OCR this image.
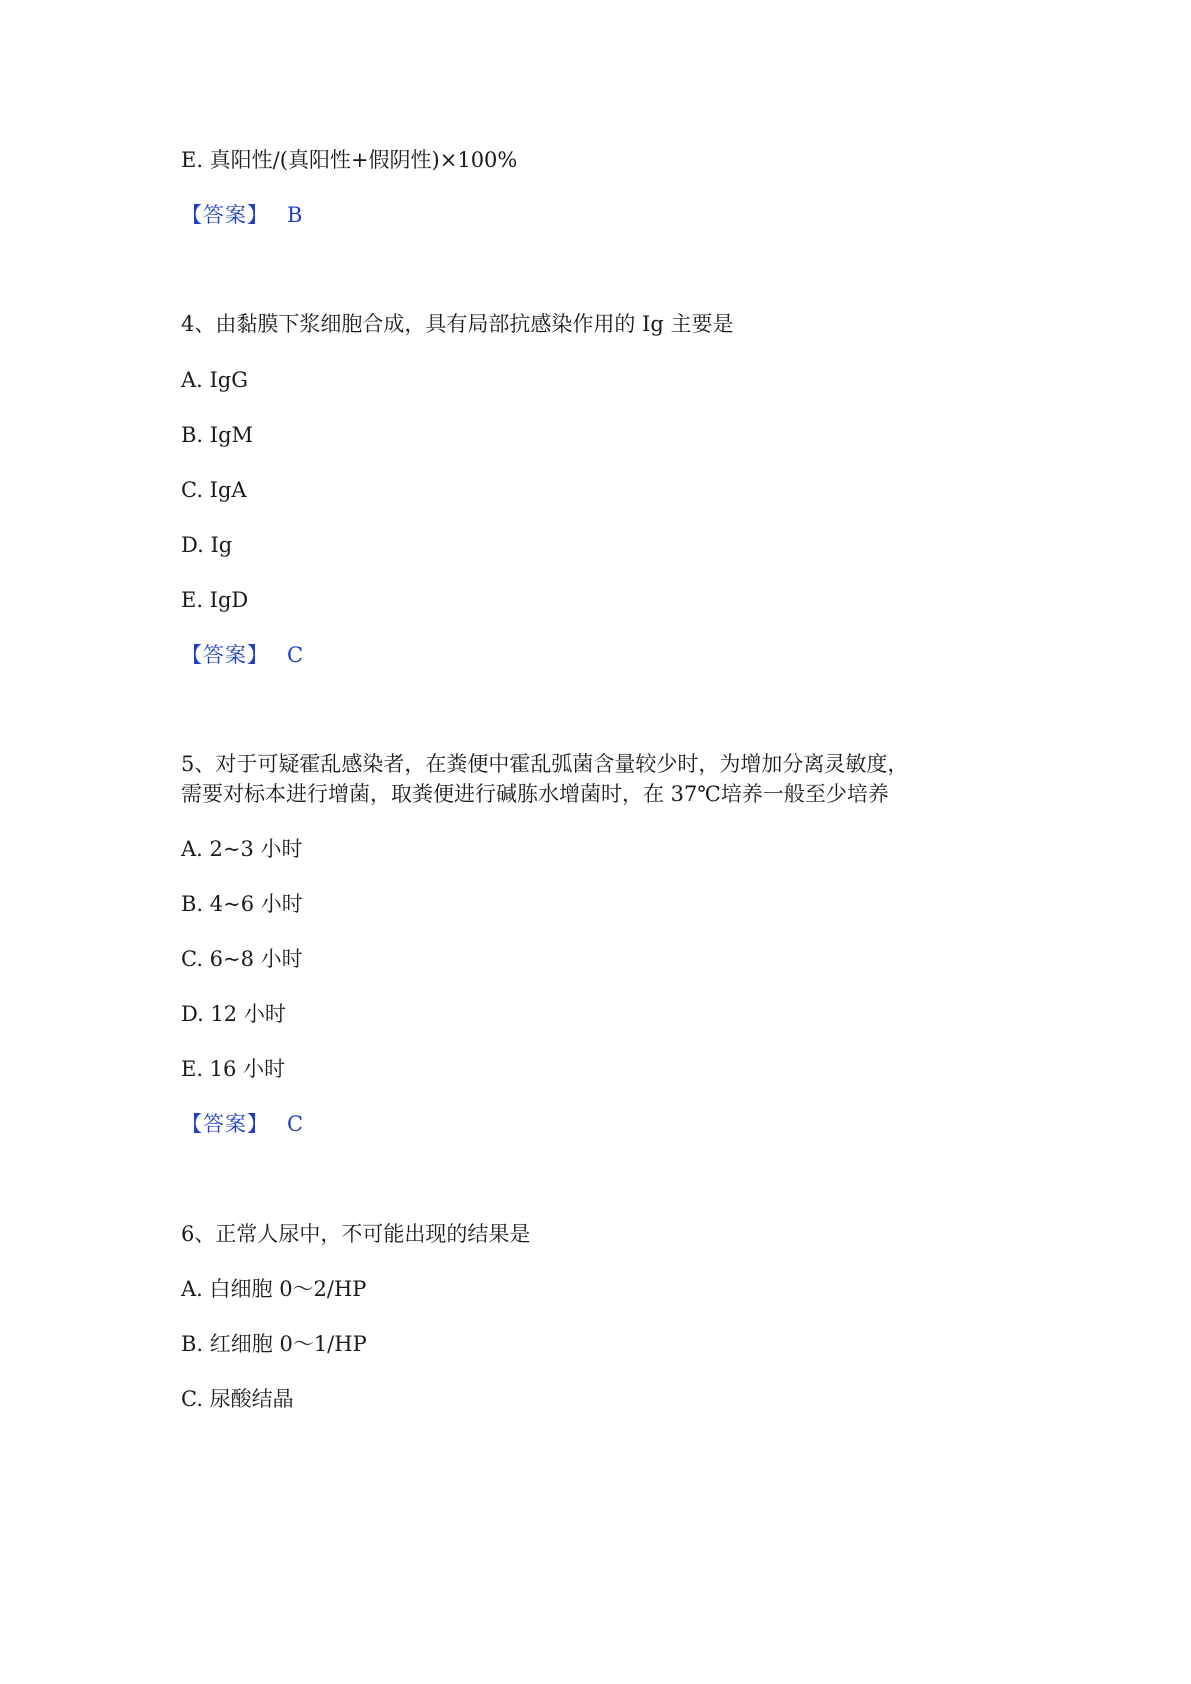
E. 真阳性/(真阳性+假阴性)×100%

【答案】 B

4、由黏膜下浆细胞合成，具有局部抗感染作用的 Ig 主要是

A. IgG

B. IgM

C. IgA

D. Ig

E. IgD

【答案】 C

5、对于可疑霍乱感染者，在粪便中霍乱弧菌含量较少时，为增加分离灵敏度，

需要对标本进行增菌，取粪便进行碱胨水增菌时，在 37℃培养一般至少培养

A. 2~3 小时

B. 4~6 小时

C. 6~8 小时

D. 12 小时

E. 16 小时

【答案】 C

6、正常人尿中，不可能出现的结果是

A. 白细胞 0～2/HP

B. 红细胞 0～1/HP

C. 尿酸结晶
